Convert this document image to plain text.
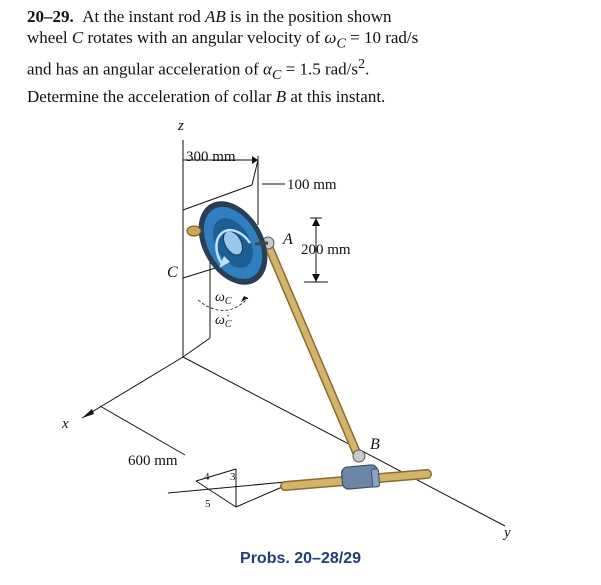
20–29. At the instant rod AB is in the position shown
wheel C rotates with an angular velocity of $\omega_C = 10$ rad/s
and has an angular acceleration of $\alpha_C = 1.5$ rad/$s^2$.
Determine the acceleration of collar B at this instant.
z
x
y
300 mm
100 mm
200 mm
600 mm
A
B
C
$\omega_C$
$\omegȧ_C$
4 3
5
Probs. 20–28/29
